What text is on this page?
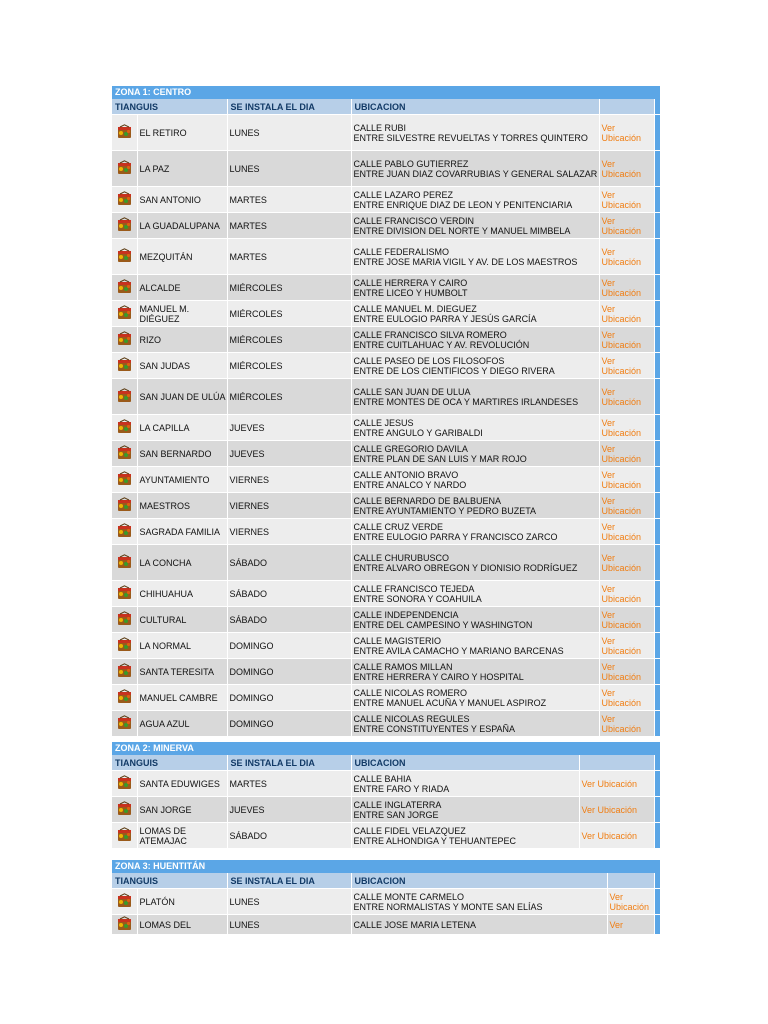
ZONA 1: CENTRO
TIANGUIS		SE INSTALA EL DIA	UBICACION		

	EL RETIRO	LUNES	CALLE RUBI
ENTRE SILVESTRE REVUELTAS Y TORRES QUINTERO	Ver Ubicación	

	LA PAZ	LUNES	CALLE PABLO GUTIERREZ
ENTRE JUAN DIAZ COVARRUBIAS Y GENERAL SALAZAR	Ver Ubicación	

	SAN ANTONIO	MARTES	CALLE LAZARO PEREZ
ENTRE ENRIQUE DIAZ DE LEON Y PENITENCIARIA	Ver Ubicación	

	LA GUADALUPANA	MARTES	CALLE FRANCISCO VERDIN
ENTRE DIVISION DEL NORTE Y MANUEL MIMBELA	Ver Ubicación	

	MEZQUITÁN	MARTES	CALLE FEDERALISMO
ENTRE JOSE MARIA VIGIL Y AV. DE LOS MAESTROS	Ver Ubicación	

	ALCALDE	MIÉRCOLES	CALLE HERRERA Y CAIRO
ENTRE LICEO Y HUMBOLT	Ver Ubicación	

	MANUEL M. DIÉGUEZ	MIÉRCOLES	CALLE MANUEL M. DIEGUEZ
ENTRE EULOGIO PARRA Y JESÚS GARCÍA	Ver Ubicación	

	RIZO	MIÉRCOLES	CALLE FRANCISCO SILVA ROMERO
ENTRE CUITLAHUAC Y AV. REVOLUCIÓN	Ver Ubicación	

	SAN JUDAS	MIÉRCOLES	CALLE PASEO DE LOS FILOSOFOS
ENTRE DE LOS CIENTIFICOS Y DIEGO RIVERA	Ver Ubicación	

	SAN JUAN DE ULÚA	MIÉRCOLES	CALLE SAN JUAN DE ULUA
ENTRE MONTES DE OCA Y MARTIRES IRLANDESES	Ver Ubicación	

	LA CAPILLA	JUEVES	CALLE JESUS
ENTRE ANGULO Y GARIBALDI	Ver Ubicación	

	SAN BERNARDO	JUEVES	CALLE GREGORIO DAVILA
ENTRE PLAN DE SAN LUIS Y MAR ROJO	Ver Ubicación	

	AYUNTAMIENTO	VIERNES	CALLE ANTONIO BRAVO
ENTRE ANALCO Y NARDO	Ver Ubicación	

	MAESTROS	VIERNES	CALLE BERNARDO DE BALBUENA
ENTRE AYUNTAMIENTO Y PEDRO BUZETA	Ver Ubicación	

	SAGRADA FAMILIA	VIERNES	CALLE CRUZ VERDE
ENTRE EULOGIO PARRA Y FRANCISCO ZARCO	Ver Ubicación	

	LA CONCHA	SÁBADO	CALLE CHURUBUSCO
ENTRE ALVARO OBREGON Y DIONISIO RODRÍGUEZ	Ver Ubicación	

	CHIHUAHUA	SÁBADO	CALLE FRANCISCO TEJEDA
ENTRE SONORA Y COAHUILA	Ver Ubicación	

	CULTURAL	SÁBADO	CALLE INDEPENDENCIA
ENTRE DEL CAMPESINO Y WASHINGTON	Ver Ubicación	

	LA NORMAL	DOMINGO	CALLE MAGISTERIO
ENTRE AVILA CAMACHO Y MARIANO BARCENAS	Ver Ubicación	

	SANTA TERESITA	DOMINGO	CALLE RAMOS MILLAN
ENTRE HERRERA Y CAIRO Y HOSPITAL	Ver Ubicación	

	MANUEL CAMBRE	DOMINGO	CALLE NICOLAS ROMERO
ENTRE MANUEL ACUÑA Y MANUEL ASPIROZ	Ver Ubicación	

	AGUA AZUL	DOMINGO	CALLE NICOLAS REGULES
ENTRE CONSTITUYENTES Y ESPAÑA	Ver Ubicación	
ZONA 2: MINERVA
TIANGUIS		SE INSTALA EL DIA	UBICACION		

	SANTA EDUWIGES	MARTES	CALLE BAHIA
ENTRE FARO Y RIADA	Ver Ubicación	

	SAN JORGE	JUEVES	CALLE INGLATERRA
ENTRE SAN JORGE	Ver Ubicación	

	LOMAS DE ATEMAJAC	SÁBADO	CALLE FIDEL VELAZQUEZ
ENTRE ALHONDIGA Y TEHUANTEPEC	Ver Ubicación	
ZONA 3: HUENTITÁN
TIANGUIS		SE INSTALA EL DIA	UBICACION		

	PLATÓN	LUNES	CALLE MONTE CARMELO
ENTRE NORMALISTAS Y MONTE SAN ELÍAS	Ver Ubicación	

	LOMAS DEL	LUNES	CALLE JOSE MARIA LETENA	Ver	
